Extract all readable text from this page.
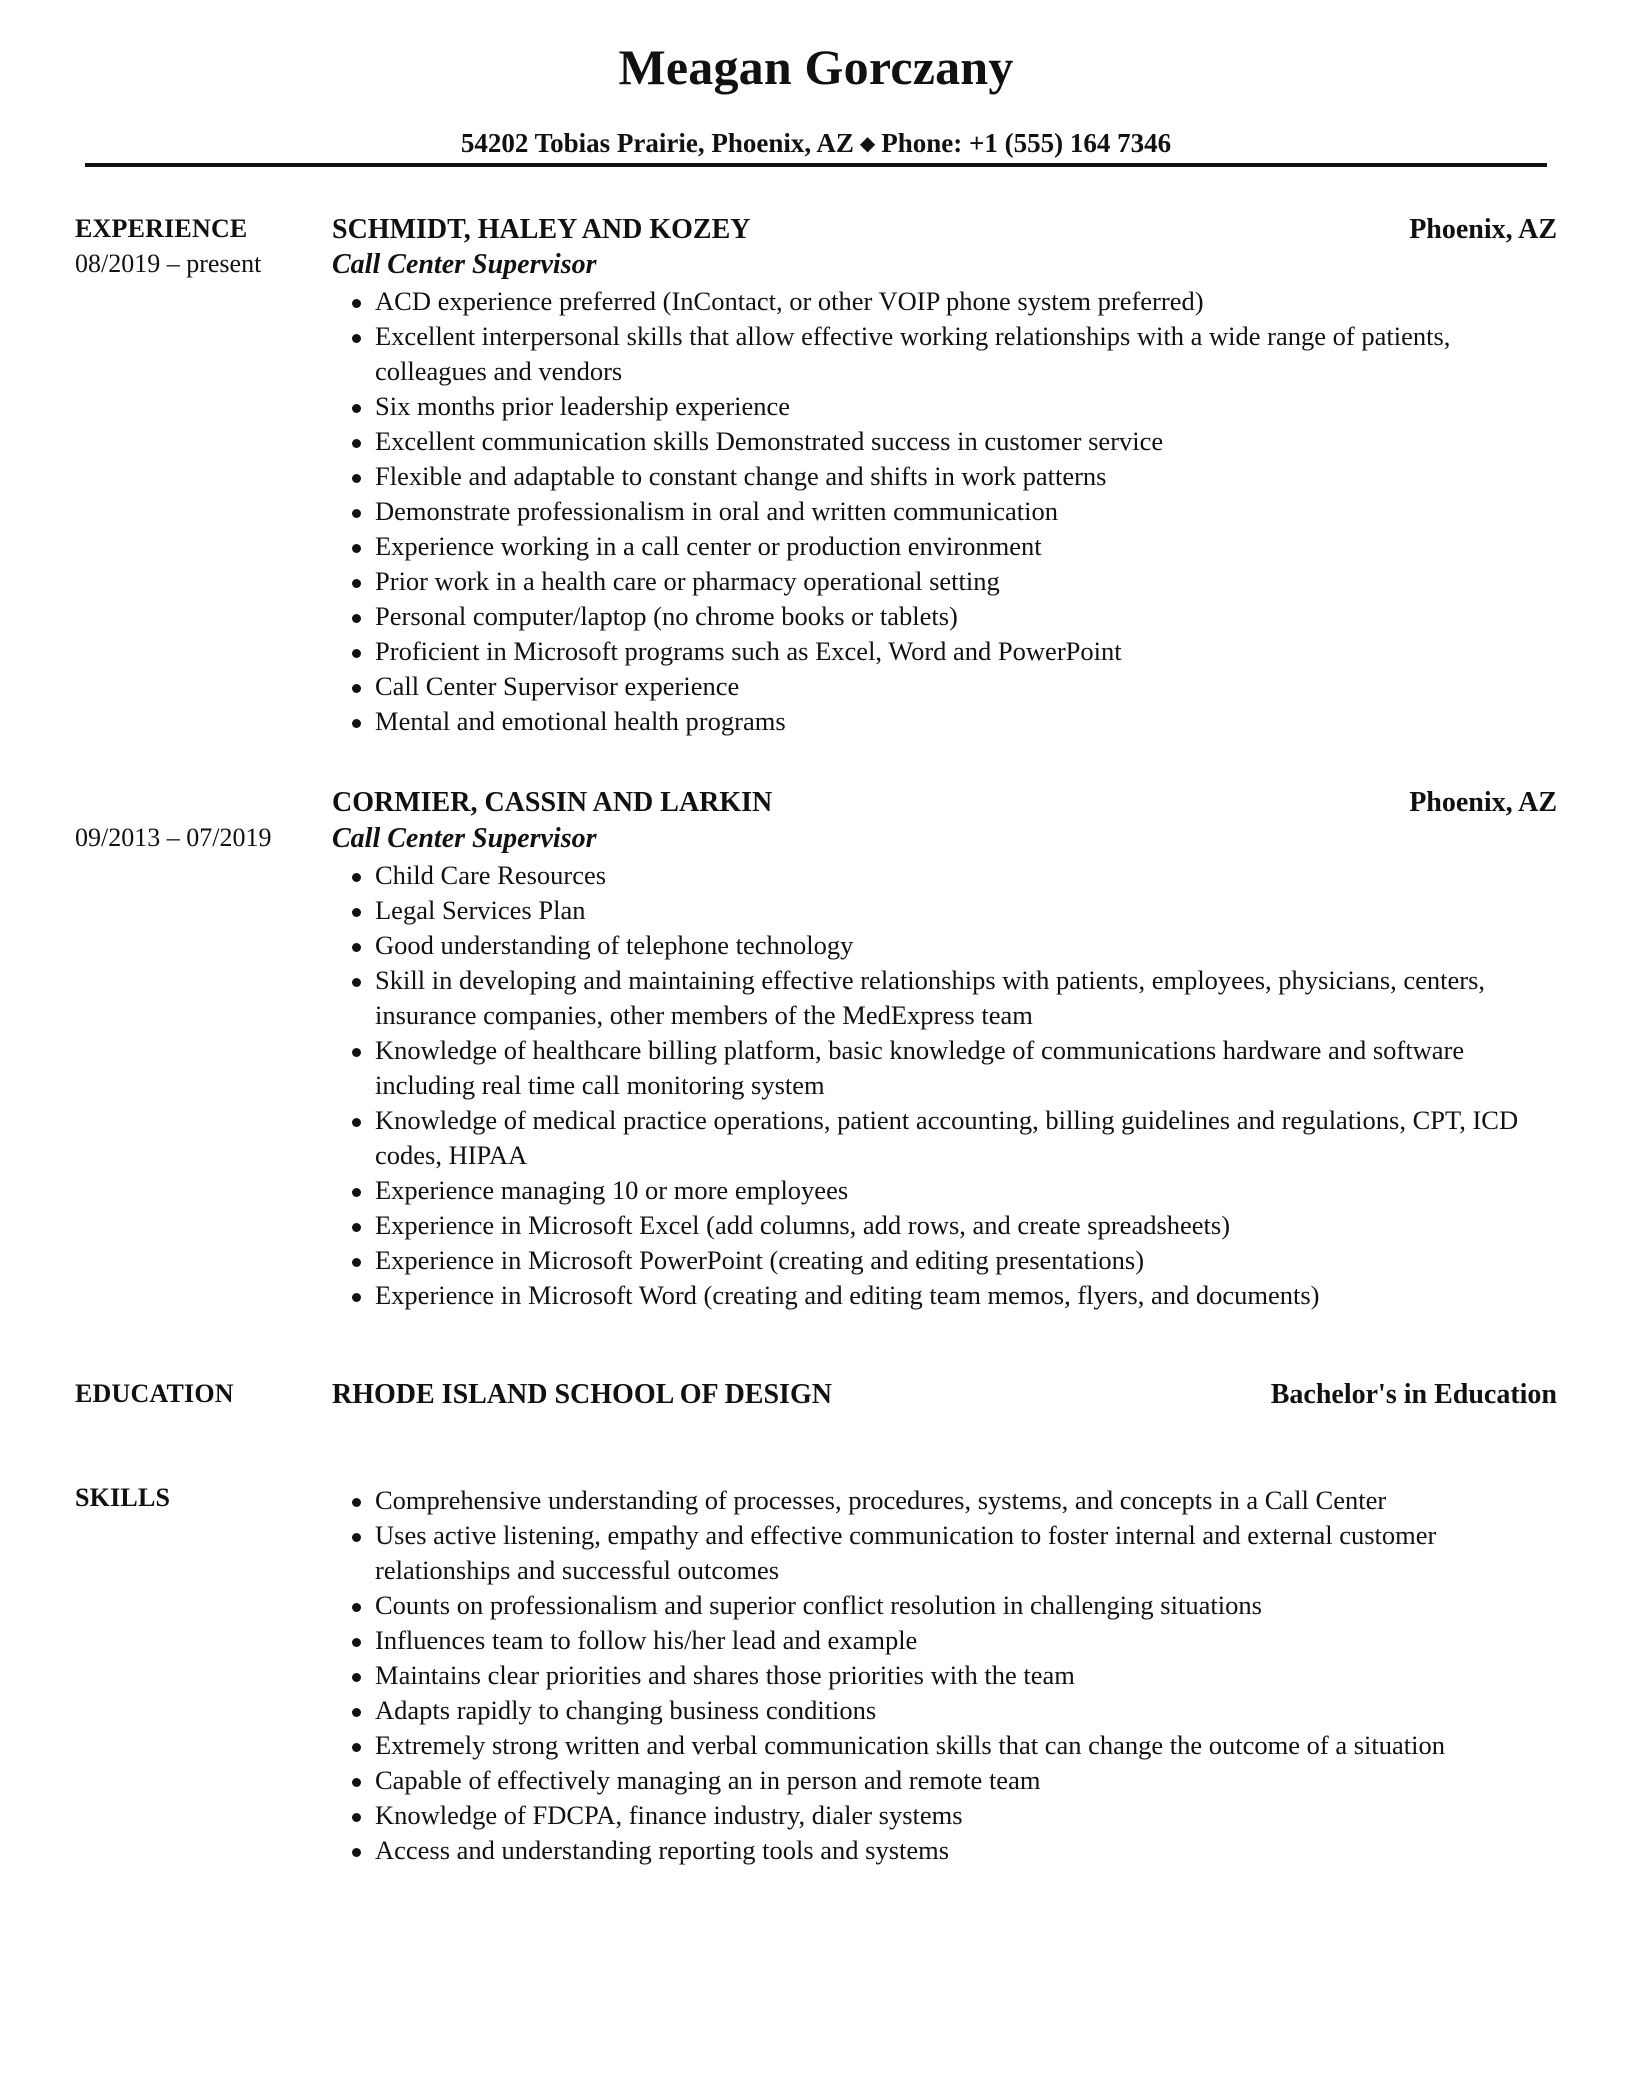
Meagan Gorczany
54202 Tobias Prairie, Phoenix, AZ ◆ Phone: +1 (555) 164 7346
EXPERIENCE
08/2019 – present
SCHMIDT, HALEY AND KOZEY	Phoenix, AZ
Call Center Supervisor
ACD experience preferred (InContact, or other VOIP phone system preferred)
Excellent interpersonal skills that allow effective working relationships with a wide range of patients, colleagues and vendors
Six months prior leadership experience
Excellent communication skills Demonstrated success in customer service
Flexible and adaptable to constant change and shifts in work patterns
Demonstrate professionalism in oral and written communication
Experience working in a call center or production environment
Prior work in a health care or pharmacy operational setting
Personal computer/laptop (no chrome books or tablets)
Proficient in Microsoft programs such as Excel, Word and PowerPoint
Call Center Supervisor experience
Mental and emotional health programs
09/2013 – 07/2019
CORMIER, CASSIN AND LARKIN	Phoenix, AZ
Call Center Supervisor
Child Care Resources
Legal Services Plan
Good understanding of telephone technology
Skill in developing and maintaining effective relationships with patients, employees, physicians, centers, insurance companies, other members of the MedExpress team
Knowledge of healthcare billing platform, basic knowledge of communications hardware and software including real time call monitoring system
Knowledge of medical practice operations, patient accounting, billing guidelines and regulations, CPT, ICD codes, HIPAA
Experience managing 10 or more employees
Experience in Microsoft Excel (add columns, add rows, and create spreadsheets)
Experience in Microsoft PowerPoint (creating and editing presentations)
Experience in Microsoft Word (creating and editing team memos, flyers, and documents)
EDUCATION	RHODE ISLAND SCHOOL OF DESIGN	Bachelor's in Education
SKILLS	Comprehensive understanding of processes, procedures, systems, and concepts in a Call Center
Uses active listening, empathy and effective communication to foster internal and external customer relationships and successful outcomes
Counts on professionalism and superior conflict resolution in challenging situations
Influences team to follow his/her lead and example
Maintains clear priorities and shares those priorities with the team
Adapts rapidly to changing business conditions
Extremely strong written and verbal communication skills that can change the outcome of a situation
Capable of effectively managing an in person and remote team
Knowledge of FDCPA, finance industry, dialer systems
Access and understanding reporting tools and systems
